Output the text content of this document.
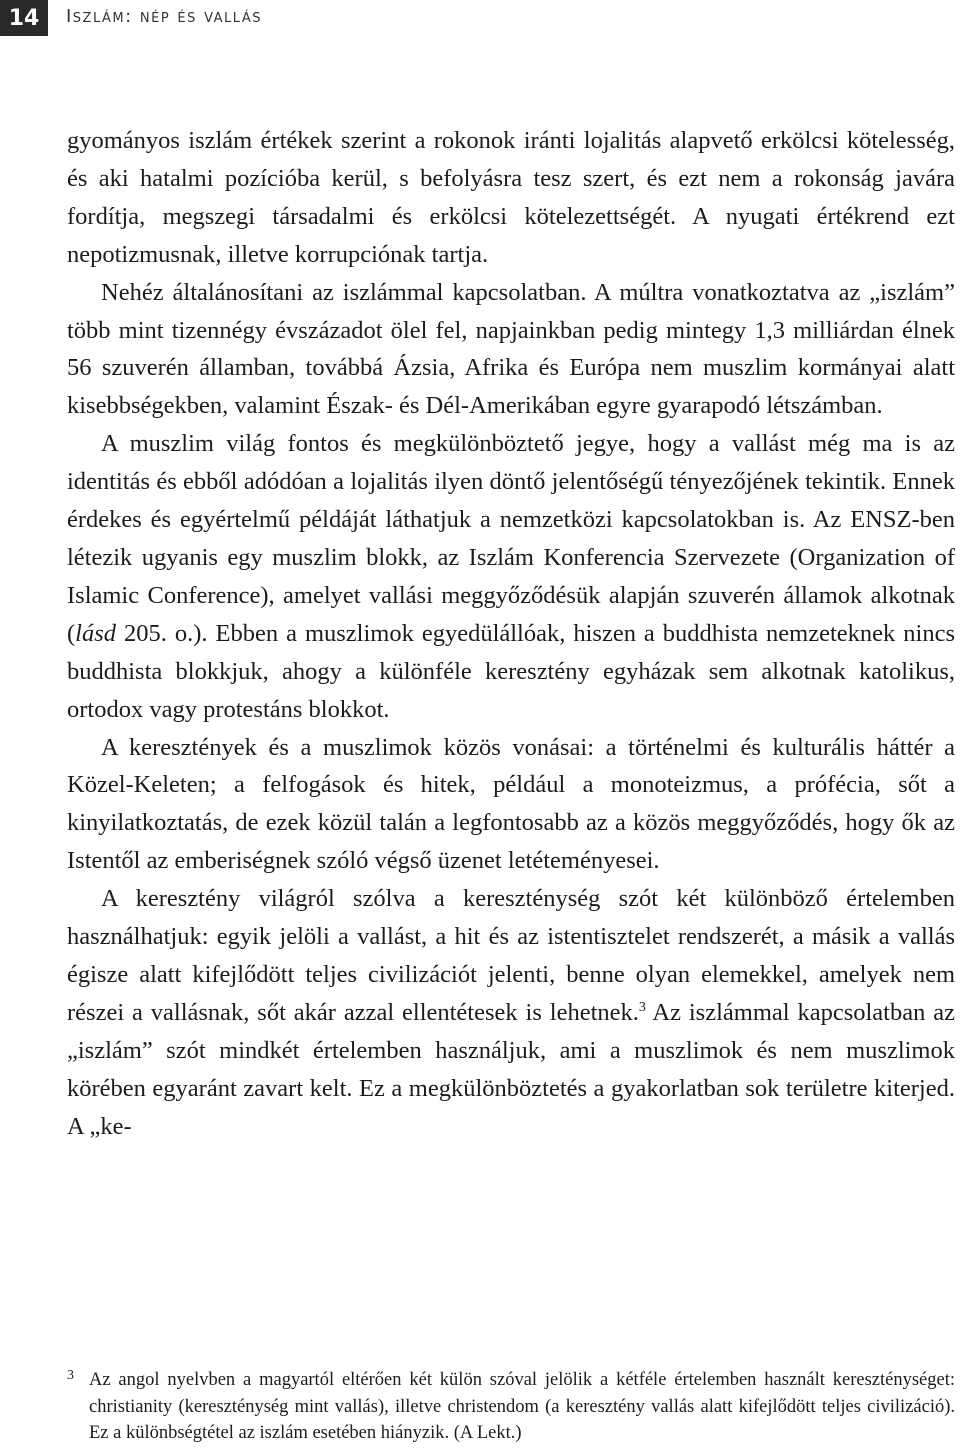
14	Iszlám: nép és vallás

gyományos iszlám értékek szerint a rokonok iránti lojalitás alapvető erkölcsi kötelesség, és aki hatalmi pozícióba kerül, s befolyásra tesz szert, és ezt nem a rokonság javára fordítja, megszegi társadalmi és erkölcsi kötelezettségét. A nyugati értékrend ezt nepotizmusnak, illetve korrupciónak tartja.

Nehéz általánosítani az iszlámmal kapcsolatban. A múltra vonatkoztatva az „iszlám” több mint tizennégy évszázadot ölel fel, napjainkban pedig mintegy 1,3 milliárdan élnek 56 szuverén államban, továbbá Ázsia, Afrika és Európa nem muszlim kormányai alatt kisebbségekben, valamint Észak- és Dél-Amerikában egyre gyarapodó létszámban.

A muszlim világ fontos és megkülönböztető jegye, hogy a vallást még ma is az identitás és ebből adódóan a lojalitás ilyen döntő jelentőségű tényezőjének tekintik. Ennek érdekes és egyértelmű példáját láthatjuk a nemzetközi kapcsolatokban is. Az ENSZ-ben létezik ugyanis egy muszlim blokk, az Iszlám Konferencia Szervezete (Organization of Islamic Conference), amelyet vallási meggyőződésük alapján szuverén államok alkotnak (lásd 205. o.). Ebben a muszlimok egyedülállóak, hiszen a buddhista nemzeteknek nincs buddhista blokkjuk, ahogy a különféle keresztény egyházak sem alkotnak katolikus, ortodox vagy protestáns blokkot.

A keresztények és a muszlimok közös vonásai: a történelmi és kulturális háttér a Közel-Keleten; a felfogások és hitek, például a monoteizmus, a prófécia, sőt a kinyilatkoztatás, de ezek közül talán a legfontosabb az a közös meggyőződés, hogy ők az Istentől az emberiségnek szóló végső üzenet letéteményesei.

A keresztény világról szólva a kereszténység szót két különböző értelemben használhatjuk: egyik jelöli a vallást, a hit és az istentisztelet rendszerét, a másik a vallás égisze alatt kifejlődött teljes civilizációt jelenti, benne olyan elemekkel, amelyek nem részei a vallásnak, sőt akár azzal ellentétesek is lehetnek.$^3$ Az iszlámmal kapcsolatban az „iszlám” szót mindkét értelemben használjuk, ami a muszlimok és nem muszlimok körében egyaránt zavart kelt. Ez a megkülönböztetés a gyakorlatban sok területre kiterjed. A „ke-

3 Az angol nyelvben a magyartól eltérően két külön szóval jelölik a kétféle értelemben használt kereszténységet: christianity (kereszténység mint vallás), illetve christendom (a keresztény vallás alatt kifejlődött teljes civilizáció). Ez a különbségtétel az iszlám esetében hiányzik. (A Lekt.)
